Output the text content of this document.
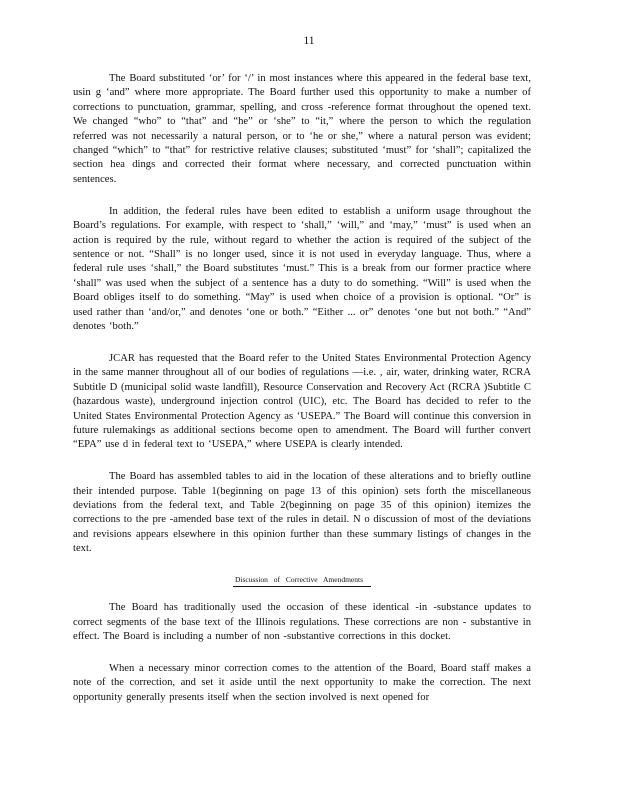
11

The Board substituted ‘or’ for ‘/’ in most instances where this appeared in the federal base text, usin g ‘and” where more appropriate. The Board further used this opportunity to make a number of corrections to punctuation, grammar, spelling, and cross -reference format throughout the opened text. We changed “who” to “that” and “he” or ‘she” to “it,” where the person to which the regulation referred was not necessarily a natural person, or to ‘he or she,” where a natural person was evident; changed “which” to “that” for restrictive relative clauses; substituted ‘must” for ‘shall”; capitalized the section hea dings and corrected their format where necessary, and corrected punctuation within sentences.

In addition, the federal rules have been edited to establish a uniform usage throughout the Board’s regulations. For example, with respect to ‘shall,” ‘will,” and ‘may,” ‘must” is used when an action is required by the rule, without regard to whether the action is required of the subject of the sentence or not. “Shall” is no longer used, since it is not used in everyday language. Thus, where a federal rule uses ‘shall,” the Board substitutes ‘must.” This is a break from our former practice where ‘shall” was used when the subject of a sentence has a duty to do something. “Will” is used when the Board obliges itself to do something. “May” is used when choice of a provision is optional. “Or” is used rather than ‘and/or,” and denotes ‘one or both.” “Either ... or” denotes ‘one but not both.” “And” denotes ‘both.”

JCAR has requested that the Board refer to the United States Environmental Protection Agency in the same manner throughout all of our bodies of regulations —i.e. , air, water, drinking water, RCRA Subtitle D (municipal solid waste landfill), Resource Conservation and Recovery Act (RCRA )Subtitle C (hazardous waste), underground injection control (UIC), etc. The Board has decided to refer to the United States Environmental Protection Agency as ‘USEPA.” The Board will continue this conversion in future rulemakings as additional sections become open to amendment. The Board will further convert “EPA” use d in federal text to ‘USEPA,” where USEPA is clearly intended.

The Board has assembled tables to aid in the location of these alterations and to briefly outline their intended purpose. Table 1(beginning on page 13 of this opinion) sets forth the miscellaneous deviations from the federal text, and Table 2(beginning on page 35 of this opinion) itemizes the corrections to the pre -amended base text of the rules in detail. N o discussion of most of the deviations and revisions appears elsewhere in this opinion further than these summary listings of changes in the text.

Discussion of Corrective Amendments

The Board has traditionally used the occasion of these identical -in -substance updates to correct segments of the base text of the Illinois regulations. These corrections are non - substantive in effect. The Board is including a number of non -substantive corrections in this docket.

When a necessary minor correction comes to the attention of the Board, Board staff makes a note of the correction, and set it aside until the next opportunity to make the correction. The next opportunity generally presents itself when the section involved is next opened for
